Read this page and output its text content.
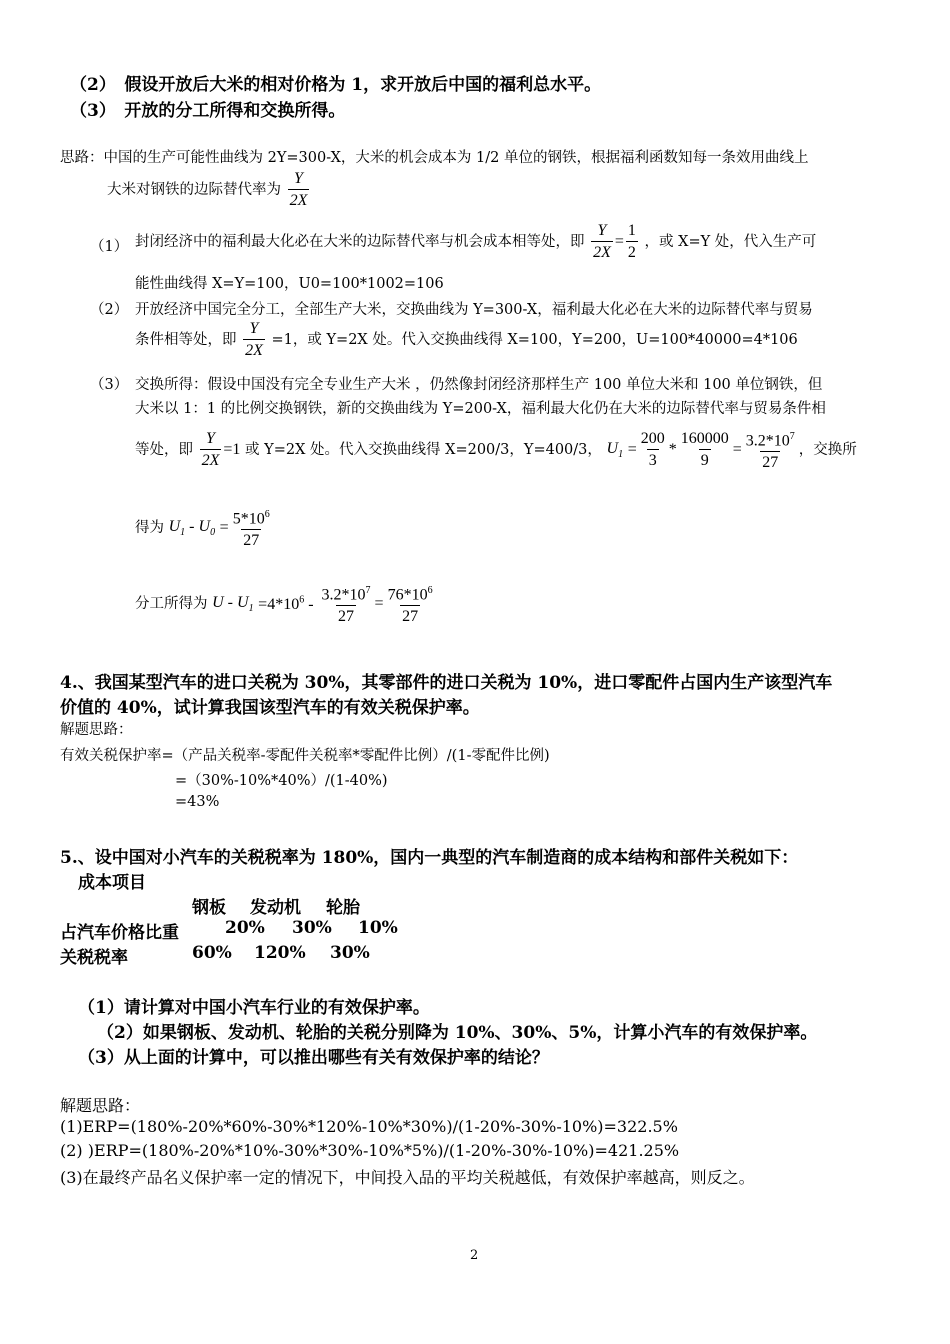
（2）　假设开放后大米的相对价格为 1，求开放后中国的福利总水平。
（3）　开放的分工所得和交换所得。
思路：中国的生产可能性曲线为 2Y=300-X，大米的机会成本为 1/2 单位的钢铁，根据福利函数知每一条效用曲线上
大米对钢铁的边际替代率为 $\frac{Y}{2X}$
（1） 封闭经济中的福利最大化必在大米的边际替代率与机会成本相等处，即 $\frac{Y}{2X} = \frac{1}{2}$ ，或 X=Y 处，代入生产可
能性曲线得 X=Y=100，U0=100*1002=106
（2） 开放经济中国完全分工，全部生产大米，交换曲线为 Y=300-X，福利最大化必在大米的边际替代率与贸易
条件相等处，即 $\frac{Y}{2X} =1$，或 Y=2X 处。代入交换曲线得 X=100，Y=200，U=100*40000=4*106
（3） 交换所得：假设中国没有完全专业生产大米 ，仍然像封闭经济那样生产 100 单位大米和 100 单位钢铁，但
大米以 1：1 的比例交换钢铁，新的交换曲线为 Y=200-X，福利最大化仍在大米的边际替代率与贸易条件相
等处，即 $\frac{Y}{2X} =1$ 或 Y=2X 处。代入交换曲线得 X=200/3，Y=400/3， $U_1 = \frac{200}{3} * \frac{160000}{9} = \frac{3.2*10^7}{27}$ ，交换所
得为 $U_1 - U_0 = \frac{5*10^6}{27}$
分工所得为 $U - U_1 =4*10^6 - \frac{3.2*10^7}{27} = \frac{76*10^6}{27}$
4.、我国某型汽车的进口关税为 30%，其零部件的进口关税为 10%，进口零配件占国内生产该型汽车
价值的 40%，试计算我国该型汽车的有效关税保护率。
解题思路：
有效关税保护率=（产品关税率-零配件关税率*零配件比例）/(1-零配件比例)
=（30%-10%*40%）/(1-40%)
=43%
5.、设中国对小汽车的关税税率为 180%，国内一典型的汽车制造商的成本结构和部件关税如下：
成本项目
钢板 发动机 轮胎
占汽车价格比重	20% 30% 10%
关税税率	60% 120% 30%
（1）请计算对中国小汽车行业的有效保护率。
（2）如果钢板、发动机、轮胎的关税分别降为 10%、30%、5%，计算小汽车的有效保护率。
（3）从上面的计算中，可以推出哪些有关有效保护率的结论？
解题思路：
(1)ERP=(180%-20%*60%-30%*120%-10%*30%)/(1-20%-30%-10%)=322.5%
(2) )ERP=(180%-20%*10%-30%*30%-10%*5%)/(1-20%-30%-10%)=421.25%
(3)在最终产品名义保护率一定的情况下，中间投入品的平均关税越低，有效保护率越高，则反之。
2
